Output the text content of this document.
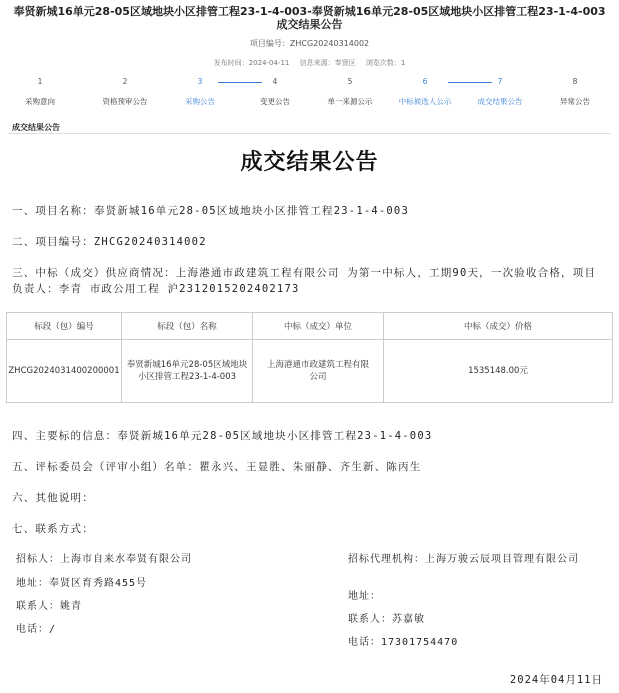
奉贤新城16单元28-05区域地块小区排管工程23-1-4-003-奉贤新城16单元28-05区域地块小区排管工程23-1-4-003
成交结果公告
项目编号：ZHCG20240314002
发布时间：2024-04-11 信息来源：奉贤区 浏览次数：1
1
采购意向
2
资格预审公告
3
采购公告
4
变更公告
5
单一来源公示
6
中标候选人公示
7
成交结果公告
8
异常公告
成交结果公告
成交结果公告
一、项目名称：奉贤新城16单元28-05区域地块小区排管工程23-1-4-003
二、项目编号：ZHCG20240314002
三、中标（成交）供应商情况：上海港通市政建筑工程有限公司 为第一中标人，工期90天，一次验收合格，项目负责人：李青 市政公用工程 沪2312015202402173
标段（包）编号	标段（包）名称	中标（成交）单位	中标（成交）价格
ZHCG2024031400200001	奉贤新城16单元28-05区域地块小区排管工程23-1-4-003	上海港通市政建筑工程有限公司	1535148.00元
四、主要标的信息：奉贤新城16单元28-05区域地块小区排管工程23-1-4-003
五、评标委员会（评审小组）名单：瞿永兴、王显胜、朱丽静、齐生新、陈丙生
六、其他说明：
七、联系方式：
招标人：上海市自来水奉贤有限公司
地址：奉贤区育秀路455号
联系人：姚青
电话：/
招标代理机构：上海万骏云辰项目管理有限公司
地址：
联系人：苏嘉敏
电话：17301754470
2024年04月11日
